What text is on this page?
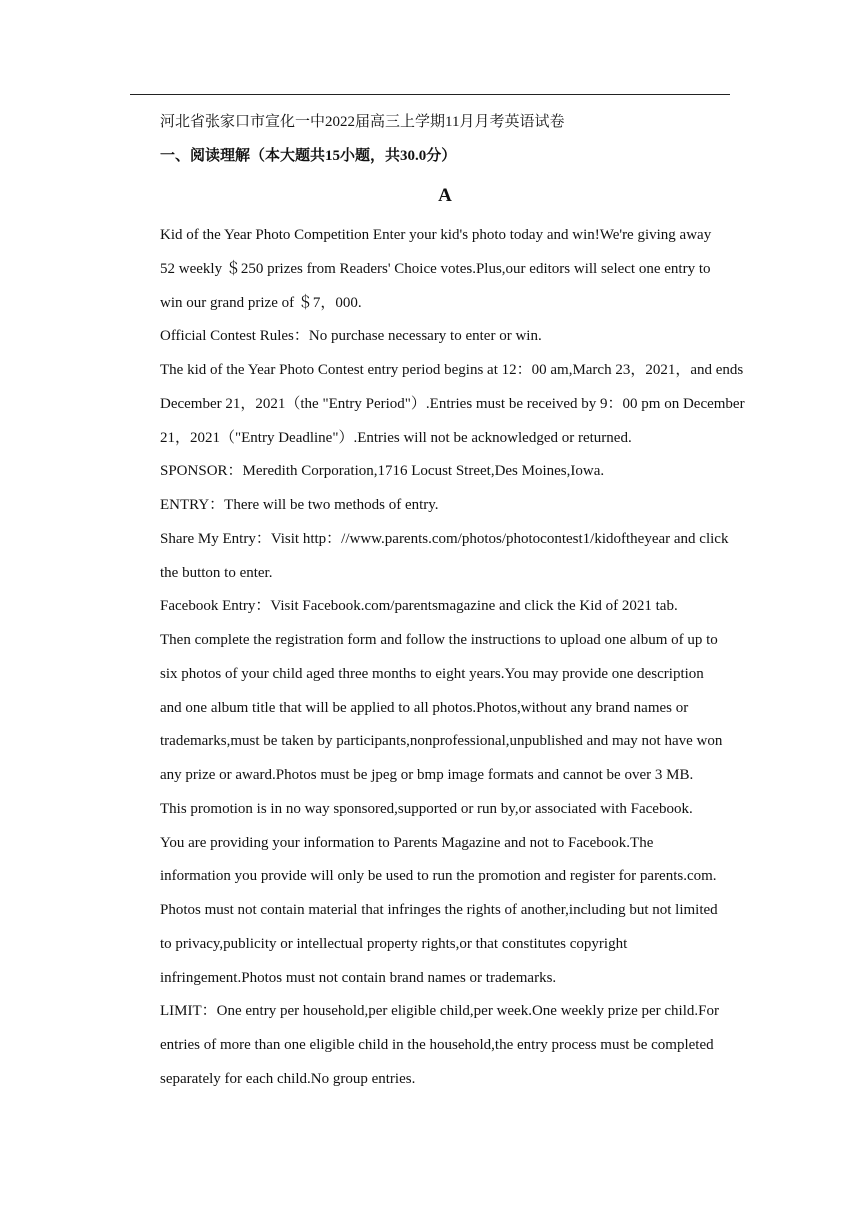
河北省张家口市宣化一中2022届高三上学期11月月考英语试卷
一、阅读理解（本大题共15小题，共30.0分）
A
Kid of the Year Photo Competition Enter your kid's photo today and win!We're giving away
52 weekly ＄250 prizes from Readers' Choice votes.Plus,our editors will select one entry to
win our grand prize of ＄7，000.
Official Contest Rules：No purchase necessary to enter or win.
The kid of the Year Photo Contest entry period begins at 12：00 am,March 23，2021，and ends
December 21，2021（the "Entry Period"）.Entries must be received by 9：00 pm on December
21，2021（"Entry Deadline"）.Entries will not be acknowledged or returned.
SPONSOR：Meredith Corporation,1716 Locust Street,Des Moines,Iowa.
ENTRY：There will be two methods of entry.
Share My Entry：Visit http：//www.parents.com/photos/photocontest1/kidoftheyear and click
the button to enter.
Facebook Entry：Visit Facebook.com/parentsmagazine and click the Kid of 2021 tab.
Then complete the registration form and follow the instructions to upload one album of up to
six photos of your child aged three months to eight years.You may provide one description
and one album title that will be applied to all photos.Photos,without any brand names or
trademarks,must be taken by participants,nonprofessional,unpublished and may not have won
any prize or award.Photos must be jpeg or bmp image formats and cannot be over 3 MB.
This promotion is in no way sponsored,supported or run by,or associated with Facebook.
You are providing your information to Parents Magazine and not to Facebook.The
information you provide will only be used to run the promotion and register for parents.com.
Photos must not contain material that infringes the rights of another,including but not limited
to privacy,publicity or intellectual property rights,or that constitutes copyright
infringement.Photos must not contain brand names or trademarks.
LIMIT：One entry per household,per eligible child,per week.One weekly prize per child.For
entries of more than one eligible child in the household,the entry process must be completed
separately for each child.No group entries.
